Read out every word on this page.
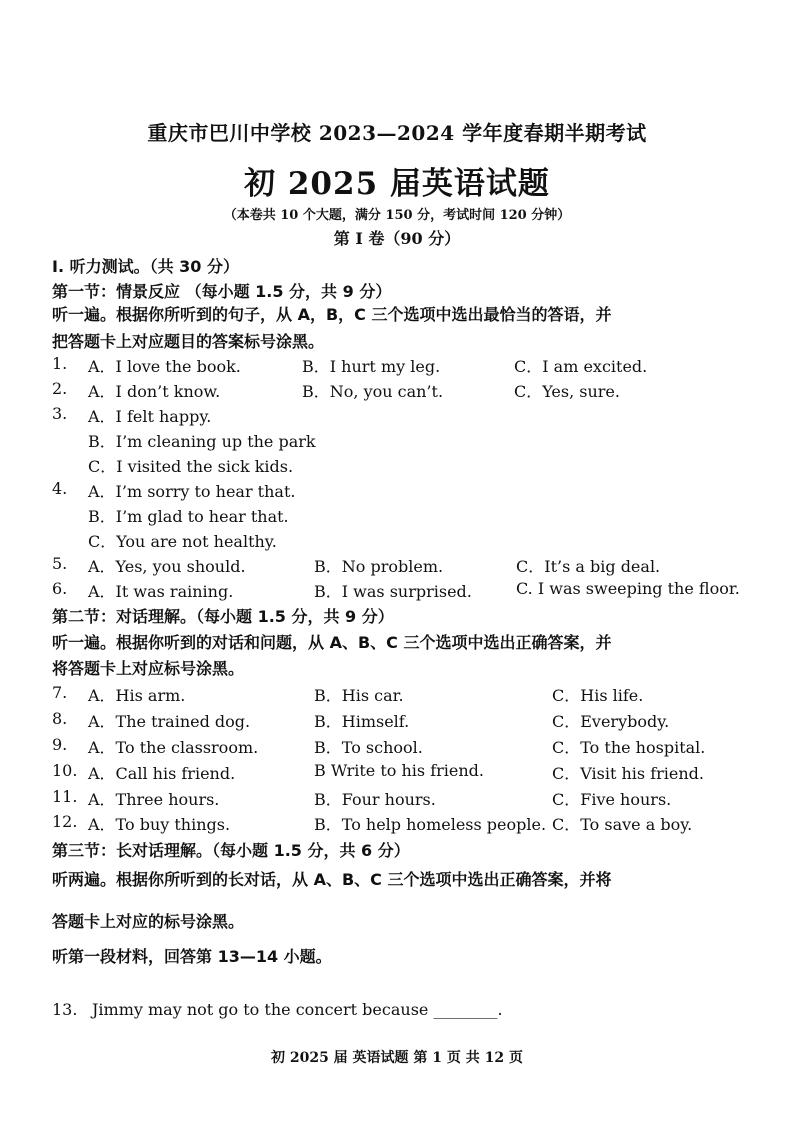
重庆市巴川中学校 2023—2024 学年度春期半期考试
初 2025 届英语试题
（本卷共 10 个大题，满分 150 分，考试时间 120 分钟）
第 I 卷（90 分）
I. 听力测试。（共 30 分）
第一节：情景反应 （每小题 1.5 分，共 9 分）
听一遍。根据你所听到的句子，从 A，B，C 三个选项中选出最恰当的答语，并
把答题卡上对应题目的答案标号涂黑。
1. A．I love the book.	B．I hurt my leg.	C．I am excited.
2. A．I don’t know.	B．No, you can’t.	C．Yes, sure.
3. A．I felt happy.
B．I’m cleaning up the park
C．I visited the sick kids.
4. A．I’m sorry to hear that.
B．I’m glad to hear that.
C．You are not healthy.
5. A．Yes, you should.	B．No problem.	C．It’s a big deal.
6. A．It was raining.	B．I was surprised.	C. I was sweeping the floor.
第二节：对话理解。（每小题 1.5 分，共 9 分）
听一遍。根据你听到的对话和问题，从 A、B、C 三个选项中选出正确答案，并
将答题卡上对应标号涂黑。
7. A．His arm.	B．His car.	C．His life.
8. A．The trained dog.	B．Himself.	C．Everybody.
9. A．To the classroom.	B．To school.	C．To the hospital.
10. A．Call his friend.	B Write to his friend.	C．Visit his friend.
11. A．Three hours.	B．Four hours.	C．Five hours.
12. A．To buy things.	B．To help homeless people. C．To save a boy.
第三节：长对话理解。（每小题 1.5 分，共 6 分）
听两遍。根据你所听到的长对话，从 A、B、C 三个选项中选出正确答案，并将
答题卡上对应的标号涂黑。
听第一段材料，回答第 13—14 小题。
13. Jimmy may not go to the concert because ________.
初 2025 届 英语试题 第 1 页 共 12 页
